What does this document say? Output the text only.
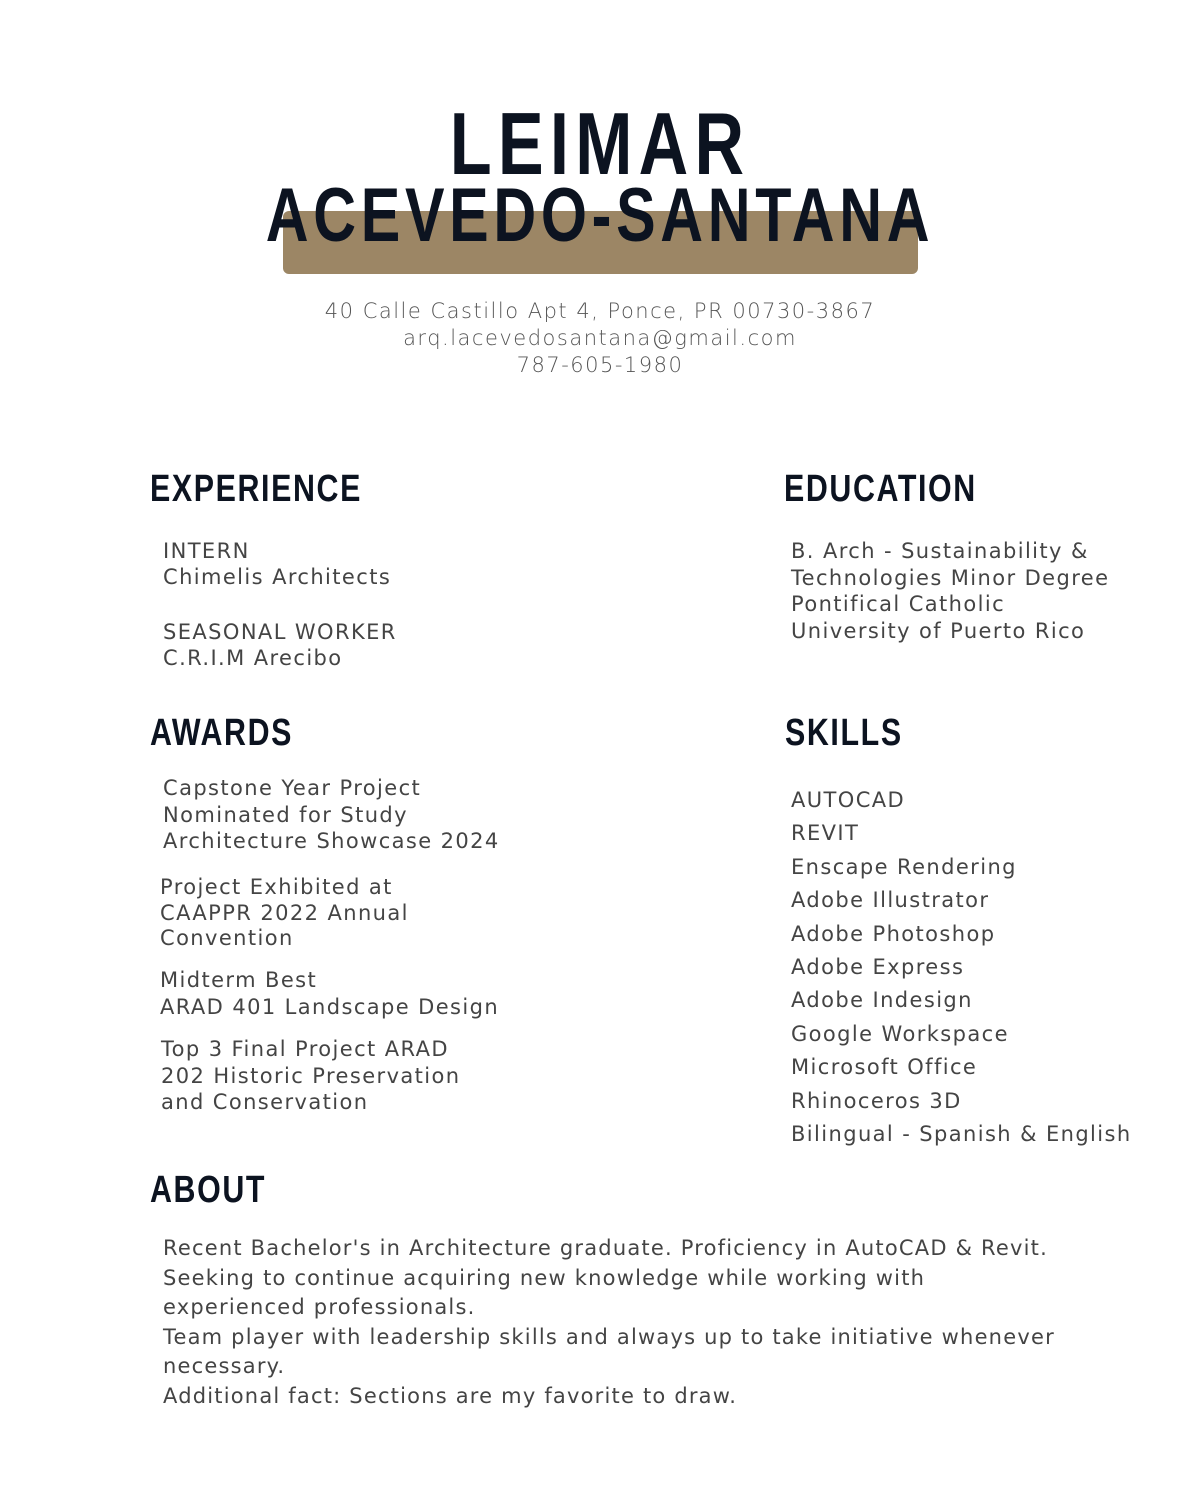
LEIMAR
ACEVEDO-SANTANA
40 Calle Castillo Apt 4, Ponce, PR 00730-3867
arq.lacevedosantana@gmail.com
787-605-1980
EXPERIENCE
INTERN
Chimelis Architects
SEASONAL WORKER
C.R.I.M Arecibo
EDUCATION
B. Arch - Sustainability &
Technologies Minor Degree
Pontifical Catholic
University of Puerto Rico
AWARDS
Capstone Year Project
Nominated for Study
Architecture Showcase 2024
Project Exhibited at
CAAPPR 2022 Annual
Convention
Midterm Best
ARAD 401 Landscape Design
Top 3 Final Project ARAD
202 Historic Preservation
and Conservation
SKILLS
AUTOCAD
REVIT
Enscape Rendering
Adobe Illustrator
Adobe Photoshop
Adobe Express
Adobe Indesign
Google Workspace
Microsoft Office
Rhinoceros 3D
Bilingual - Spanish & English
ABOUT
Recent Bachelor's in Architecture graduate. Proficiency in AutoCAD & Revit.
Seeking to continue acquiring new knowledge while working with
experienced professionals.
Team player with leadership skills and always up to take initiative whenever
necessary.
Additional fact: Sections are my favorite to draw.
